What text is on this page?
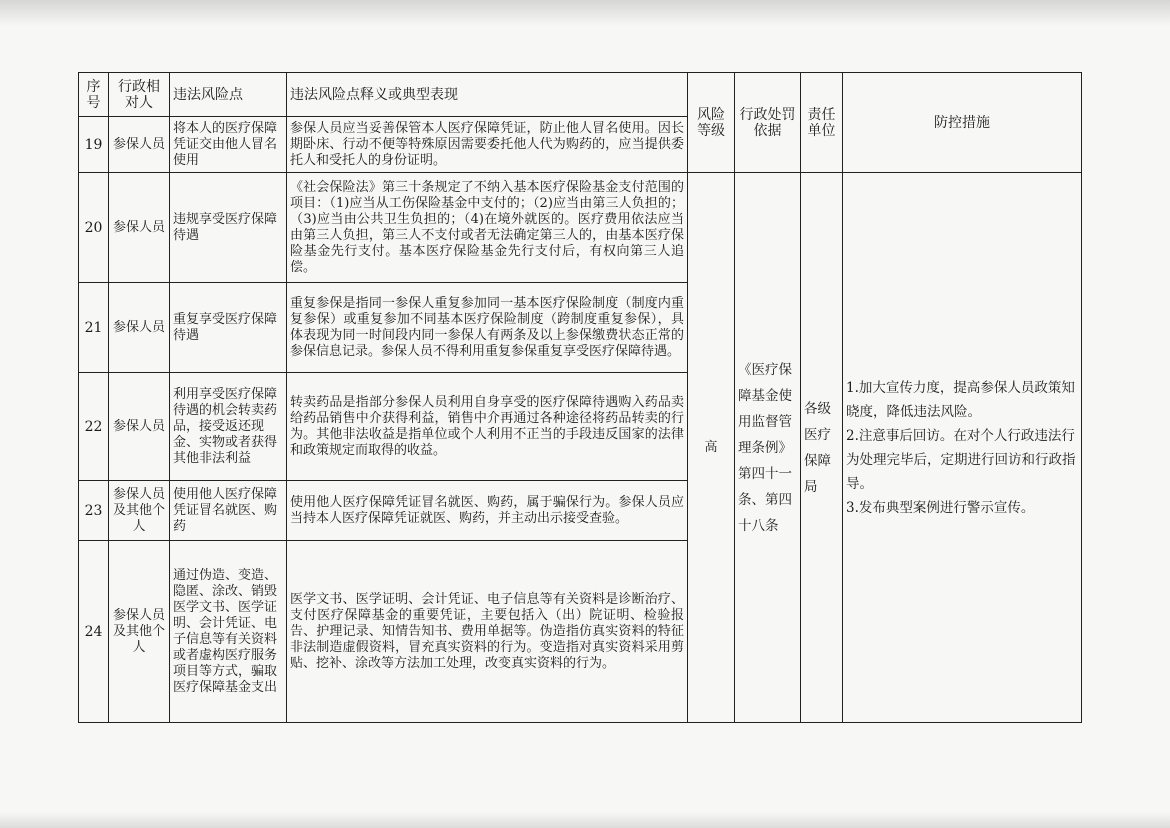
序号	行政相对人	违法风险点	违法风险点释义或典型表现	风险等级	行政处罚依据	责任单位	防控措施
19	参保人员	将本人的医疗保障凭证交由他人冒名使用	参保人员应当妥善保管本人医疗保障凭证，防止他人冒名使用。因长期卧床、行动不便等特殊原因需要委托他人代为购药的，应当提供委托人和受托人的身份证明。				
20	参保人员	违规享受医疗保障待遇	《社会保险法》第三十条规定了不纳入基本医疗保险基金支付范围的项目：（1)应当从工伤保险基金中支付的；（2)应当由第三人负担的；（3)应当由公共卫生负担的；（4)在境外就医的。医疗费用依法应当由第三人负担，第三人不支付或者无法确定第三人的，由基本医疗保险基金先行支付。基本医疗保险基金先行支付后，有权向第三人追偿。	高	《医疗保障基金使用监督管理条例》第四十一条、第四十八条	各级医疗保障局	1.加大宣传力度，提高参保人员政策知晓度，降低违法风险。
2.注意事后回访。在对个人行政违法行为处理完毕后，定期进行回访和行政指导。
3.发布典型案例进行警示宣传。

21	参保人员	重复享受医疗保障待遇	重复参保是指同一参保人重复参加同一基本医疗保险制度（制度内重复参保）或重复参加不同基本医疗保险制度（跨制度重复参保），具体表现为同一时间段内同一参保人有两条及以上参保缴费状态正常的参保信息记录。参保人员不得利用重复参保重复享受医疗保障待遇。				
22	参保人员	利用享受医疗保障待遇的机会转卖药品，接受返还现金、实物或者获得其他非法利益	转卖药品是指部分参保人员利用自身享受的医疗保障待遇购入药品卖给药品销售中介获得利益，销售中介再通过各种途径将药品转卖的行为。其他非法收益是指单位或个人利用不正当的手段违反国家的法律和政策规定而取得的收益。				
23	参保人员及其他个人	使用他人医疗保障凭证冒名就医、购药	使用他人医疗保障凭证冒名就医、购药，属于骗保行为。参保人员应当持本人医疗保障凭证就医、购药，并主动出示接受查验。				
24	参保人员及其他个人	通过伪造、变造、隐匿、涂改、销毁医学文书、医学证明、会计凭证、电子信息等有关资料或者虚构医疗服务项目等方式，骗取医疗保障基金支出	医学文书、医学证明、会计凭证、电子信息等有关资料是诊断治疗、支付医疗保障基金的重要凭证，主要包括入（出）院证明、检验报告、护理记录、知情告知书、费用单据等。伪造指仿真实资料的特征非法制造虚假资料，冒充真实资料的行为。变造指对真实资料采用剪贴、挖补、涂改等方法加工处理，改变真实资料的行为。				
